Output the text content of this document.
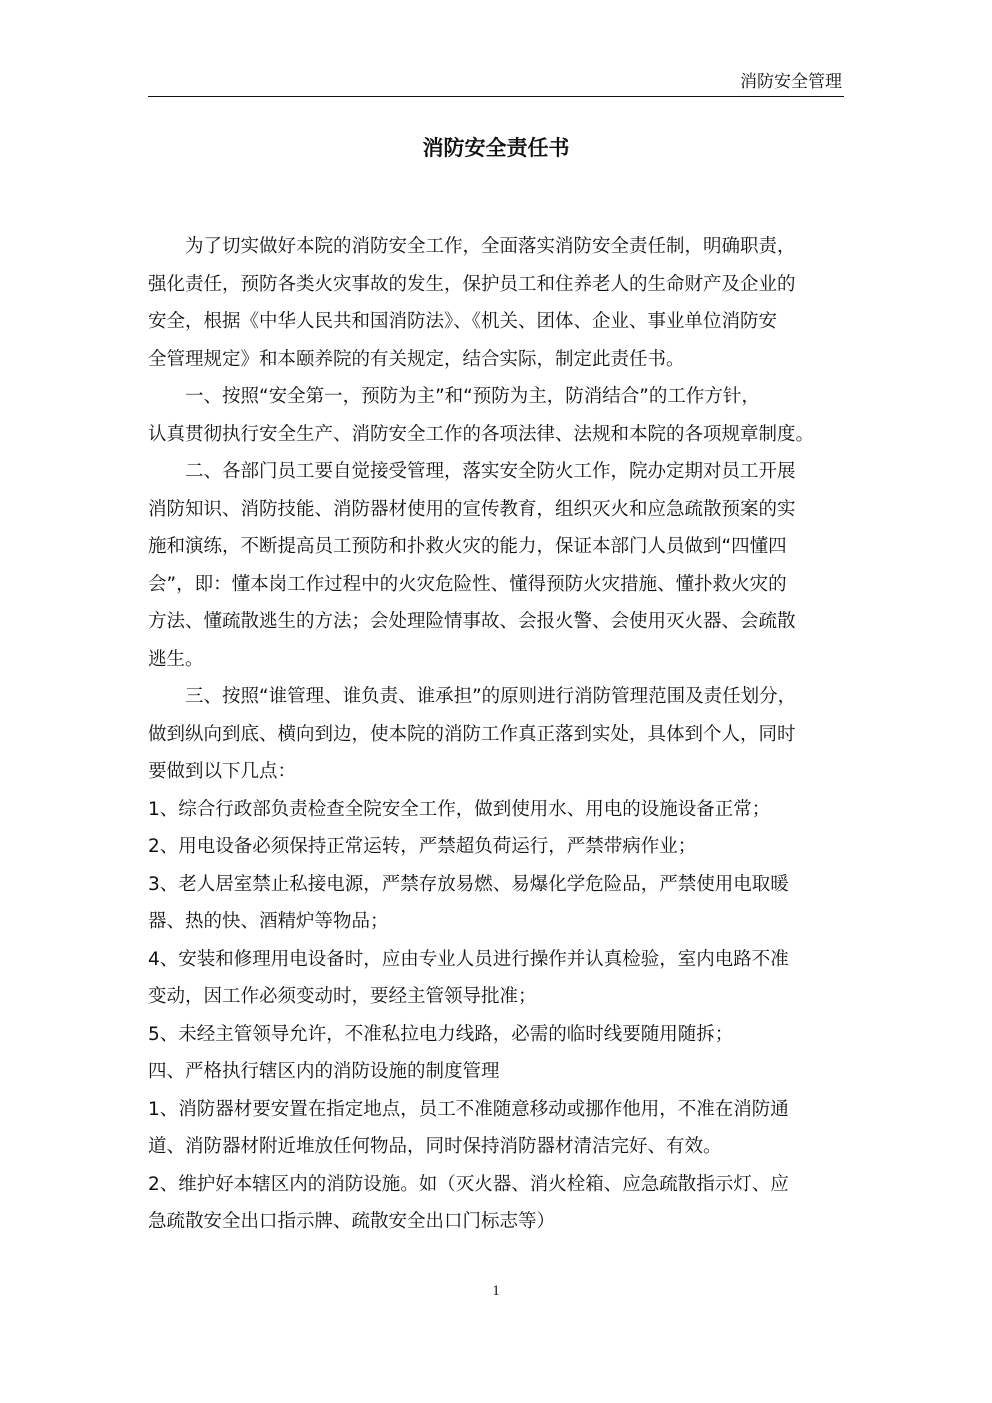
消防安全管理
消防安全责任书
　　为了切实做好本院的消防安全工作，全面落实消防安全责任制，明确职责，
强化责任，预防各类火灾事故的发生，保护员工和住养老人的生命财产及企业的
安全，根据《中华人民共和国消防法》、《机关、团体、企业、事业单位消防安
全管理规定》和本颐养院的有关规定，结合实际，制定此责任书。
　　一、按照“安全第一，预防为主”和“预防为主，防消结合”的工作方针，
认真贯彻执行安全生产、消防安全工作的各项法律、法规和本院的各项规章制度。
　　二、各部门员工要自觉接受管理，落实安全防火工作，院办定期对员工开展
消防知识、消防技能、消防器材使用的宣传教育，组织灭火和应急疏散预案的实
施和演练，不断提高员工预防和扑救火灾的能力，保证本部门人员做到“四懂四
会”，即：懂本岗工作过程中的火灾危险性、懂得预防火灾措施、懂扑救火灾的
方法、懂疏散逃生的方法；会处理险情事故、会报火警、会使用灭火器、会疏散
逃生。
　　三、按照“谁管理、谁负责、谁承担”的原则进行消防管理范围及责任划分，
做到纵向到底、横向到边，使本院的消防工作真正落到实处，具体到个人，同时
要做到以下几点：
1、综合行政部负责检查全院安全工作，做到使用水、用电的设施设备正常；
2、用电设备必须保持正常运转，严禁超负荷运行，严禁带病作业；
3、老人居室禁止私接电源，严禁存放易燃、易爆化学危险品，严禁使用电取暖
器、热的快、酒精炉等物品；
4、安装和修理用电设备时，应由专业人员进行操作并认真检验，室内电路不准
变动，因工作必须变动时，要经主管领导批准；
5、未经主管领导允许，不准私拉电力线路，必需的临时线要随用随拆；
四、严格执行辖区内的消防设施的制度管理
1、消防器材要安置在指定地点，员工不准随意移动或挪作他用，不准在消防通
道、消防器材附近堆放任何物品，同时保持消防器材清洁完好、有效。
2、维护好本辖区内的消防设施。如（灭火器、消火栓箱、应急疏散指示灯、应
急疏散安全出口指示牌、疏散安全出口门标志等）
1
